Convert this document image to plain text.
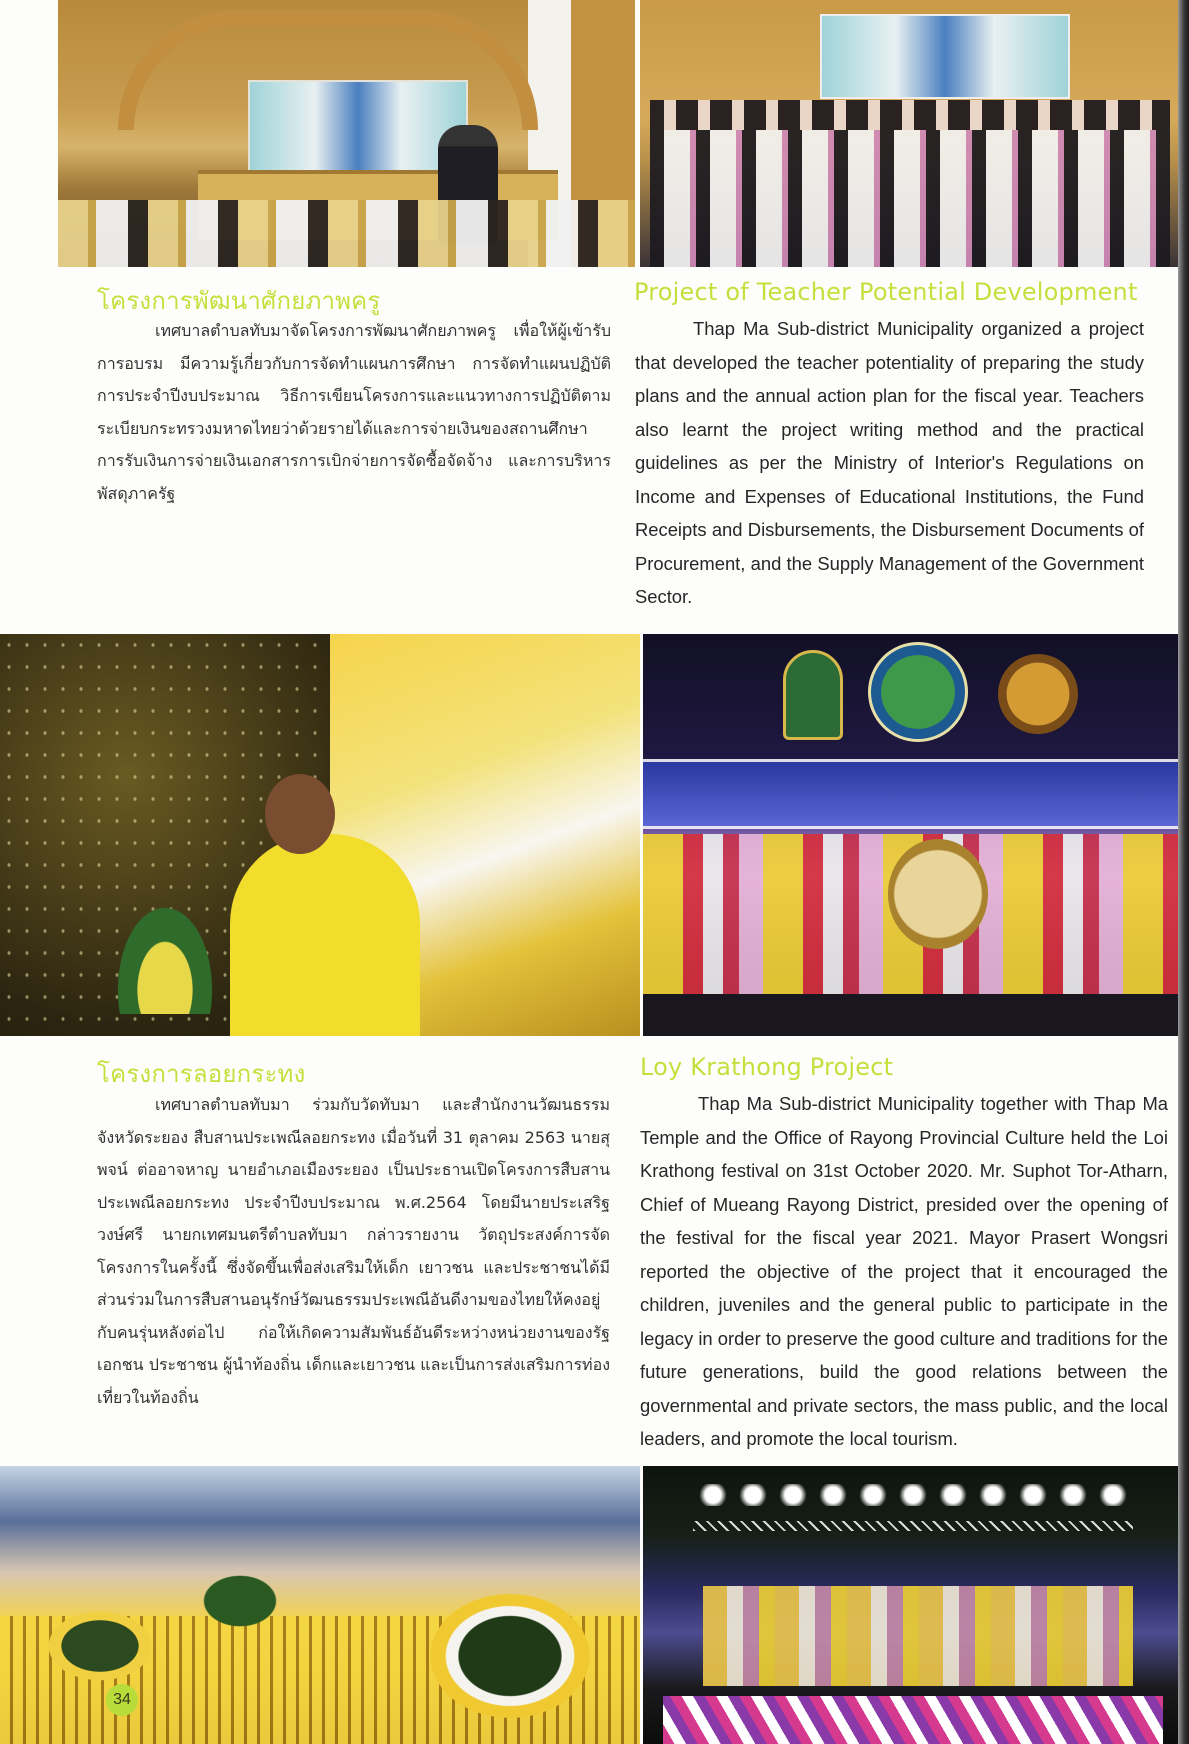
โครงการพัฒนาศักยภาพครู
เทศบาลตำบลทับมาจัดโครงการพัฒนาศักยภาพครู เพื่อให้ผู้เข้ารับการอบรม มีความรู้เกี่ยวกับการจัดทำแผนการศึกษา การจัดทำแผนปฏิบัติการประจำปีงบประมาณ วิธีการเขียนโครงการและแนวทางการปฏิบัติตามระเบียบกระทรวงมหาดไทยว่าด้วยรายได้และการจ่ายเงินของสถานศึกษา การรับเงินการจ่ายเงินเอกสารการเบิกจ่ายการจัดซื้อจัดจ้าง และการบริหารพัสดุภาครัฐ
Project of Teacher Potential Development
Thap Ma Sub-district Municipality organized a project that developed the teacher potentiality of preparing the study plans and the annual action plan for the fiscal year. Teachers also learnt the project writing method and the practical guidelines as per the Ministry of Interior's Regulations on Income and Expenses of Educational Institutions, the Fund Receipts and Disbursements, the Disbursement Documents of Procurement, and the Supply Management of the Government Sector.
โครงการลอยกระทง
เทศบาลตำบลทับมา ร่วมกับวัดทับมา และสำนักงานวัฒนธรรมจังหวัดระยอง สืบสานประเพณีลอยกระทง เมื่อวันที่ 31 ตุลาคม 2563 นายสุพจน์ ต่ออาจหาญ นายอำเภอเมืองระยอง เป็นประธานเปิดโครงการสืบสานประเพณีลอยกระทง ประจำปีงบประมาณ พ.ศ.2564 โดยมีนายประเสริฐ วงษ์ศรี นายกเทศมนตรีตำบลทับมา กล่าวรายงาน วัตถุประสงค์การจัดโครงการในครั้งนี้ ซึ่งจัดขึ้นเพื่อส่งเสริมให้เด็ก เยาวชน และประชาชนได้มีส่วนร่วมในการสืบสานอนุรักษ์วัฒนธรรมประเพณีอันดีงามของไทยให้คงอยู่กับคนรุ่นหลังต่อไป ก่อให้เกิดความสัมพันธ์อันดีระหว่างหน่วยงานของรัฐ เอกชน ประชาชน ผู้นำท้องถิ่น เด็กและเยาวชน และเป็นการส่งเสริมการท่องเที่ยวในท้องถิ่น
Loy Krathong Project
Thap Ma Sub-district Municipality together with Thap Ma Temple and the Office of Rayong Provincial Culture held the Loi Krathong festival on 31st October 2020. Mr. Suphot Tor-Atharn, Chief of Mueang Rayong District, presided over the opening of the festival for the fiscal year 2021. Mayor Prasert Wongsri reported the objective of the project that it encouraged the children, juveniles and the general public to participate in the legacy in order to preserve the good culture and traditions for the future generations, build the good relations between the governmental and private sectors, the mass public, and the local leaders, and promote the local tourism.
34
